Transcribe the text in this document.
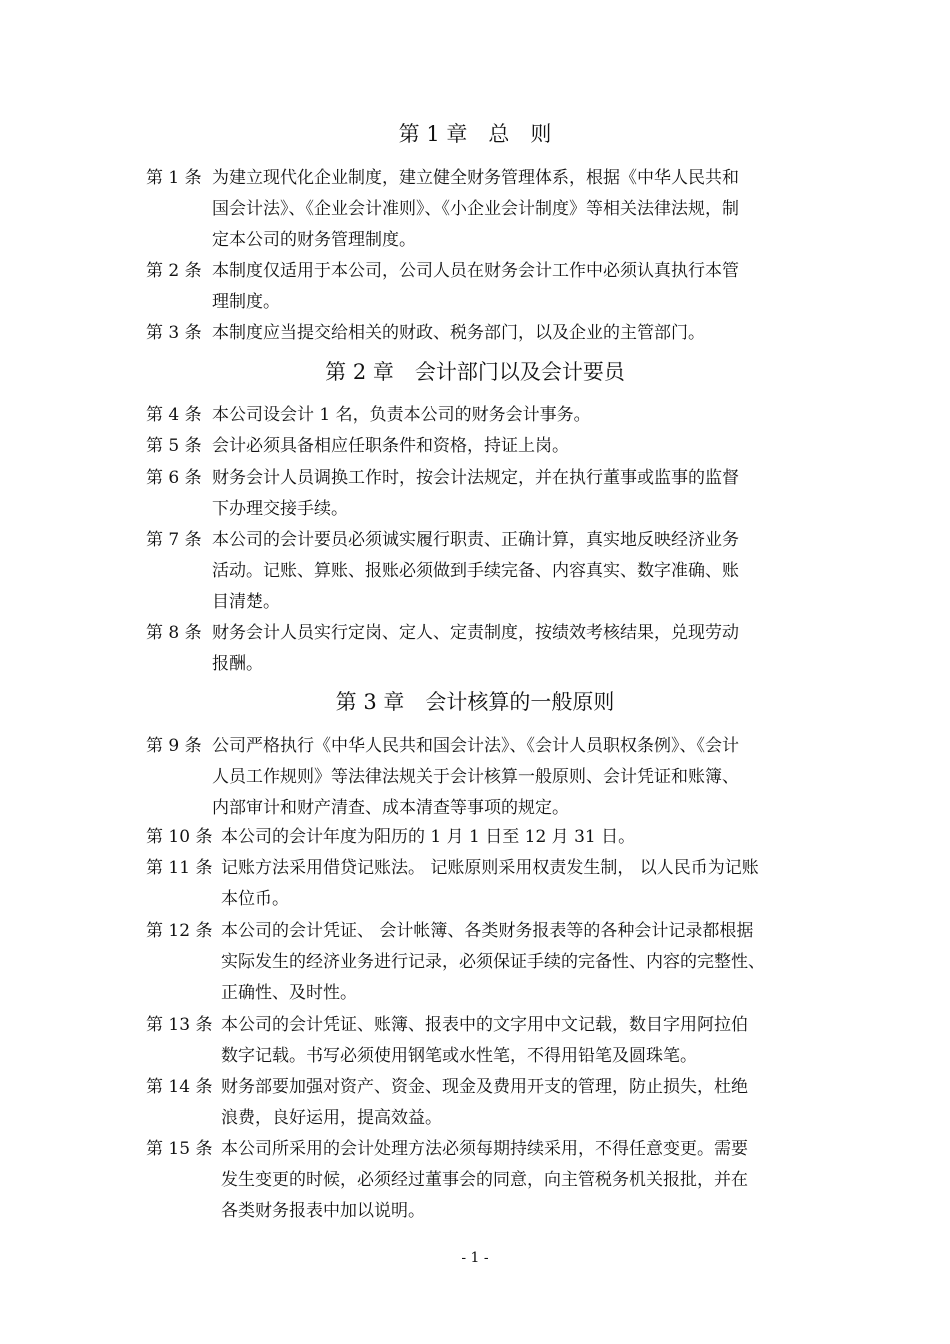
第 1 章　总　则
第 1 条 为建立现代化企业制度，建立健全财务管理体系，根据《中华人民共和
国会计法》、《企业会计准则》、《小企业会计制度》等相关法律法规，制
定本公司的财务管理制度。
第 2 条 本制度仅适用于本公司，公司人员在财务会计工作中必须认真执行本管
理制度。
第 3 条 本制度应当提交给相关的财政、税务部门，以及企业的主管部门。
第 2 章　会计部门以及会计要员
第 4 条 本公司设会计 1 名，负责本公司的财务会计事务。
第 5 条 会计必须具备相应任职条件和资格，持证上岗。
第 6 条 财务会计人员调换工作时，按会计法规定，并在执行董事或监事的监督
下办理交接手续。
第 7 条 本公司的会计要员必须诚实履行职责、正确计算，真实地反映经济业务
活动。记账、算账、报账必须做到手续完备、内容真实、数字准确、账
目清楚。
第 8 条 财务会计人员实行定岗、定人、定责制度，按绩效考核结果，兑现劳动
报酬。
第 3 章　会计核算的一般原则
第 9 条 公司严格执行《中华人民共和国会计法》、《会计人员职权条例》、《会计
人员工作规则》等法律法规关于会计核算一般原则、会计凭证和账簿、
内部审计和财产清查、成本清查等事项的规定。
第 10 条 本公司的会计年度为阳历的 1 月 1 日至 12 月 31 日。
第 11 条 记账方法采用借贷记账法。 记账原则采用权责发生制， 以人民币为记账
本位币。
第 12 条 本公司的会计凭证、 会计帐簿、各类财务报表等的各种会计记录都根据
实际发生的经济业务进行记录，必须保证手续的完备性、内容的完整性、
正确性、及时性。
第 13 条 本公司的会计凭证、账簿、报表中的文字用中文记载，数目字用阿拉伯
数字记载。书写必须使用钢笔或水性笔，不得用铅笔及圆珠笔。
第 14 条 财务部要加强对资产、资金、现金及费用开支的管理，防止损失，杜绝
浪费，良好运用，提高效益。
第 15 条 本公司所采用的会计处理方法必须每期持续采用，不得任意变更。需要
发生变更的时候，必须经过董事会的同意，向主管税务机关报批，并在
各类财务报表中加以说明。
- 1 -
